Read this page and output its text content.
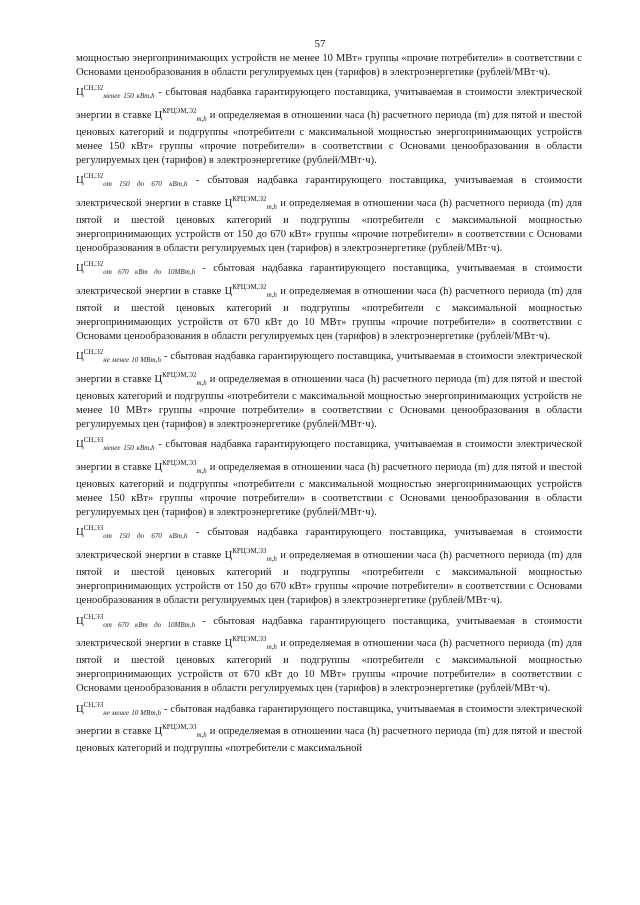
57

мощностью энергопринимающих устройств не менее 10 МВт» группы «прочие потребители» в соответствии с Основами ценообразования в области регулируемых цен (тарифов) в электроэнергетике (рублей/МВт·ч).

$Ц^{СН,Э2}_{менее 150 кВт,h}$ - сбытовая надбавка гарантирующего поставщика, учитываемая в стоимости электрической энергии в ставке $Ц^{КРЦЭМ,Э2}_{m,h}$ и определяемая в отношении часа (h) расчетного периода (m) для пятой и шестой ценовых категорий и подгруппы «потребители с максимальной мощностью энергопринимающих устройств менее 150 кВт» группы «прочие потребители» в соответствии с Основами ценообразования в области регулируемых цен (тарифов) в электроэнергетике (рублей/МВт·ч).

$Ц^{СН,Э2}_{от 150 до 670 кВт,h}$ - сбытовая надбавка гарантирующего поставщика, учитываемая в стоимости электрической энергии в ставке $Ц^{КРЦЭМ,Э2}_{m,h}$ и определяемая в отношении часа (h) расчетного периода (m) для пятой и шестой ценовых категорий и подгруппы «потребители с максимальной мощностью энергопринимающих устройств от 150 до 670 кВт» группы «прочие потребители» в соответствии с Основами ценообразования в области регулируемых цен (тарифов) в электроэнергетике (рублей/МВт·ч).

$Ц^{СН,Э2}_{от 670 кВт до 10МВт,h}$ - сбытовая надбавка гарантирующего поставщика, учитываемая в стоимости электрической энергии в ставке $Ц^{КРЦЭМ,Э2}_{m,h}$ и определяемая в отношении часа (h) расчетного периода (m) для пятой и шестой ценовых категорий и подгруппы «потребители с максимальной мощностью энергопринимающих устройств от 670 кВт до 10 МВт» группы «прочие потребители» в соответствии с Основами ценообразования в области регулируемых цен (тарифов) в электроэнергетике (рублей/МВт·ч).

$Ц^{СН,Э2}_{не менее 10 МВт,h}$ - сбытовая надбавка гарантирующего поставщика, учитываемая в стоимости электрической энергии в ставке $Ц^{КРЦЭМ,Э2}_{m,h}$ и определяемая в отношении часа (h) расчетного периода (m) для пятой и шестой ценовых категорий и подгруппы «потребители с максимальной мощностью энергопринимающих устройств не менее 10 МВт» группы «прочие потребители» в соответствии с Основами ценообразования в области регулируемых цен (тарифов) в электроэнергетике (рублей/МВт·ч).

$Ц^{СН,Э3}_{менее 150 кВт,h}$ - сбытовая надбавка гарантирующего поставщика, учитываемая в стоимости электрической энергии в ставке $Ц^{КРЦЭМ,Э3}_{m,h}$ и определяемая в отношении часа (h) расчетного периода (m) для пятой и шестой ценовых категорий и подгруппы «потребители с максимальной мощностью энергопринимающих устройств менее 150 кВт» группы «прочие потребители» в соответствии с Основами ценообразования в области регулируемых цен (тарифов) в электроэнергетике (рублей/МВт·ч).

$Ц^{СН,Э3}_{от 150 до 670 кВт,h}$ - сбытовая надбавка гарантирующего поставщика, учитываемая в стоимости электрической энергии в ставке $Ц^{КРЦЭМ,Э3}_{m,h}$ и определяемая в отношении часа (h) расчетного периода (m) для пятой и шестой ценовых категорий и подгруппы «потребители с максимальной мощностью энергопринимающих устройств от 150 до 670 кВт» группы «прочие потребители» в соответствии с Основами ценообразования в области регулируемых цен (тарифов) в электроэнергетике (рублей/МВт·ч).

$Ц^{СН,Э3}_{от 670 кВт до 10МВт,h}$ - сбытовая надбавка гарантирующего поставщика, учитываемая в стоимости электрической энергии в ставке $Ц^{КРЦЭМ,Э3}_{m,h}$ и определяемая в отношении часа (h) расчетного периода (m) для пятой и шестой ценовых категорий и подгруппы «потребители с максимальной мощностью энергопринимающих устройств от 670 кВт до 10 МВт» группы «прочие потребители» в соответствии с Основами ценообразования в области регулируемых цен (тарифов) в электроэнергетике (рублей/МВт·ч).

$Ц^{СН,Э3}_{не менее 10 МВт,h}$ - сбытовая надбавка гарантирующего поставщика, учитываемая в стоимости электрической энергии в ставке $Ц^{КРЦЭМ,Э3}_{m,h}$ и определяемая в отношении часа (h) расчетного периода (m) для пятой и шестой ценовых категорий и подгруппы «потребители с максимальной
